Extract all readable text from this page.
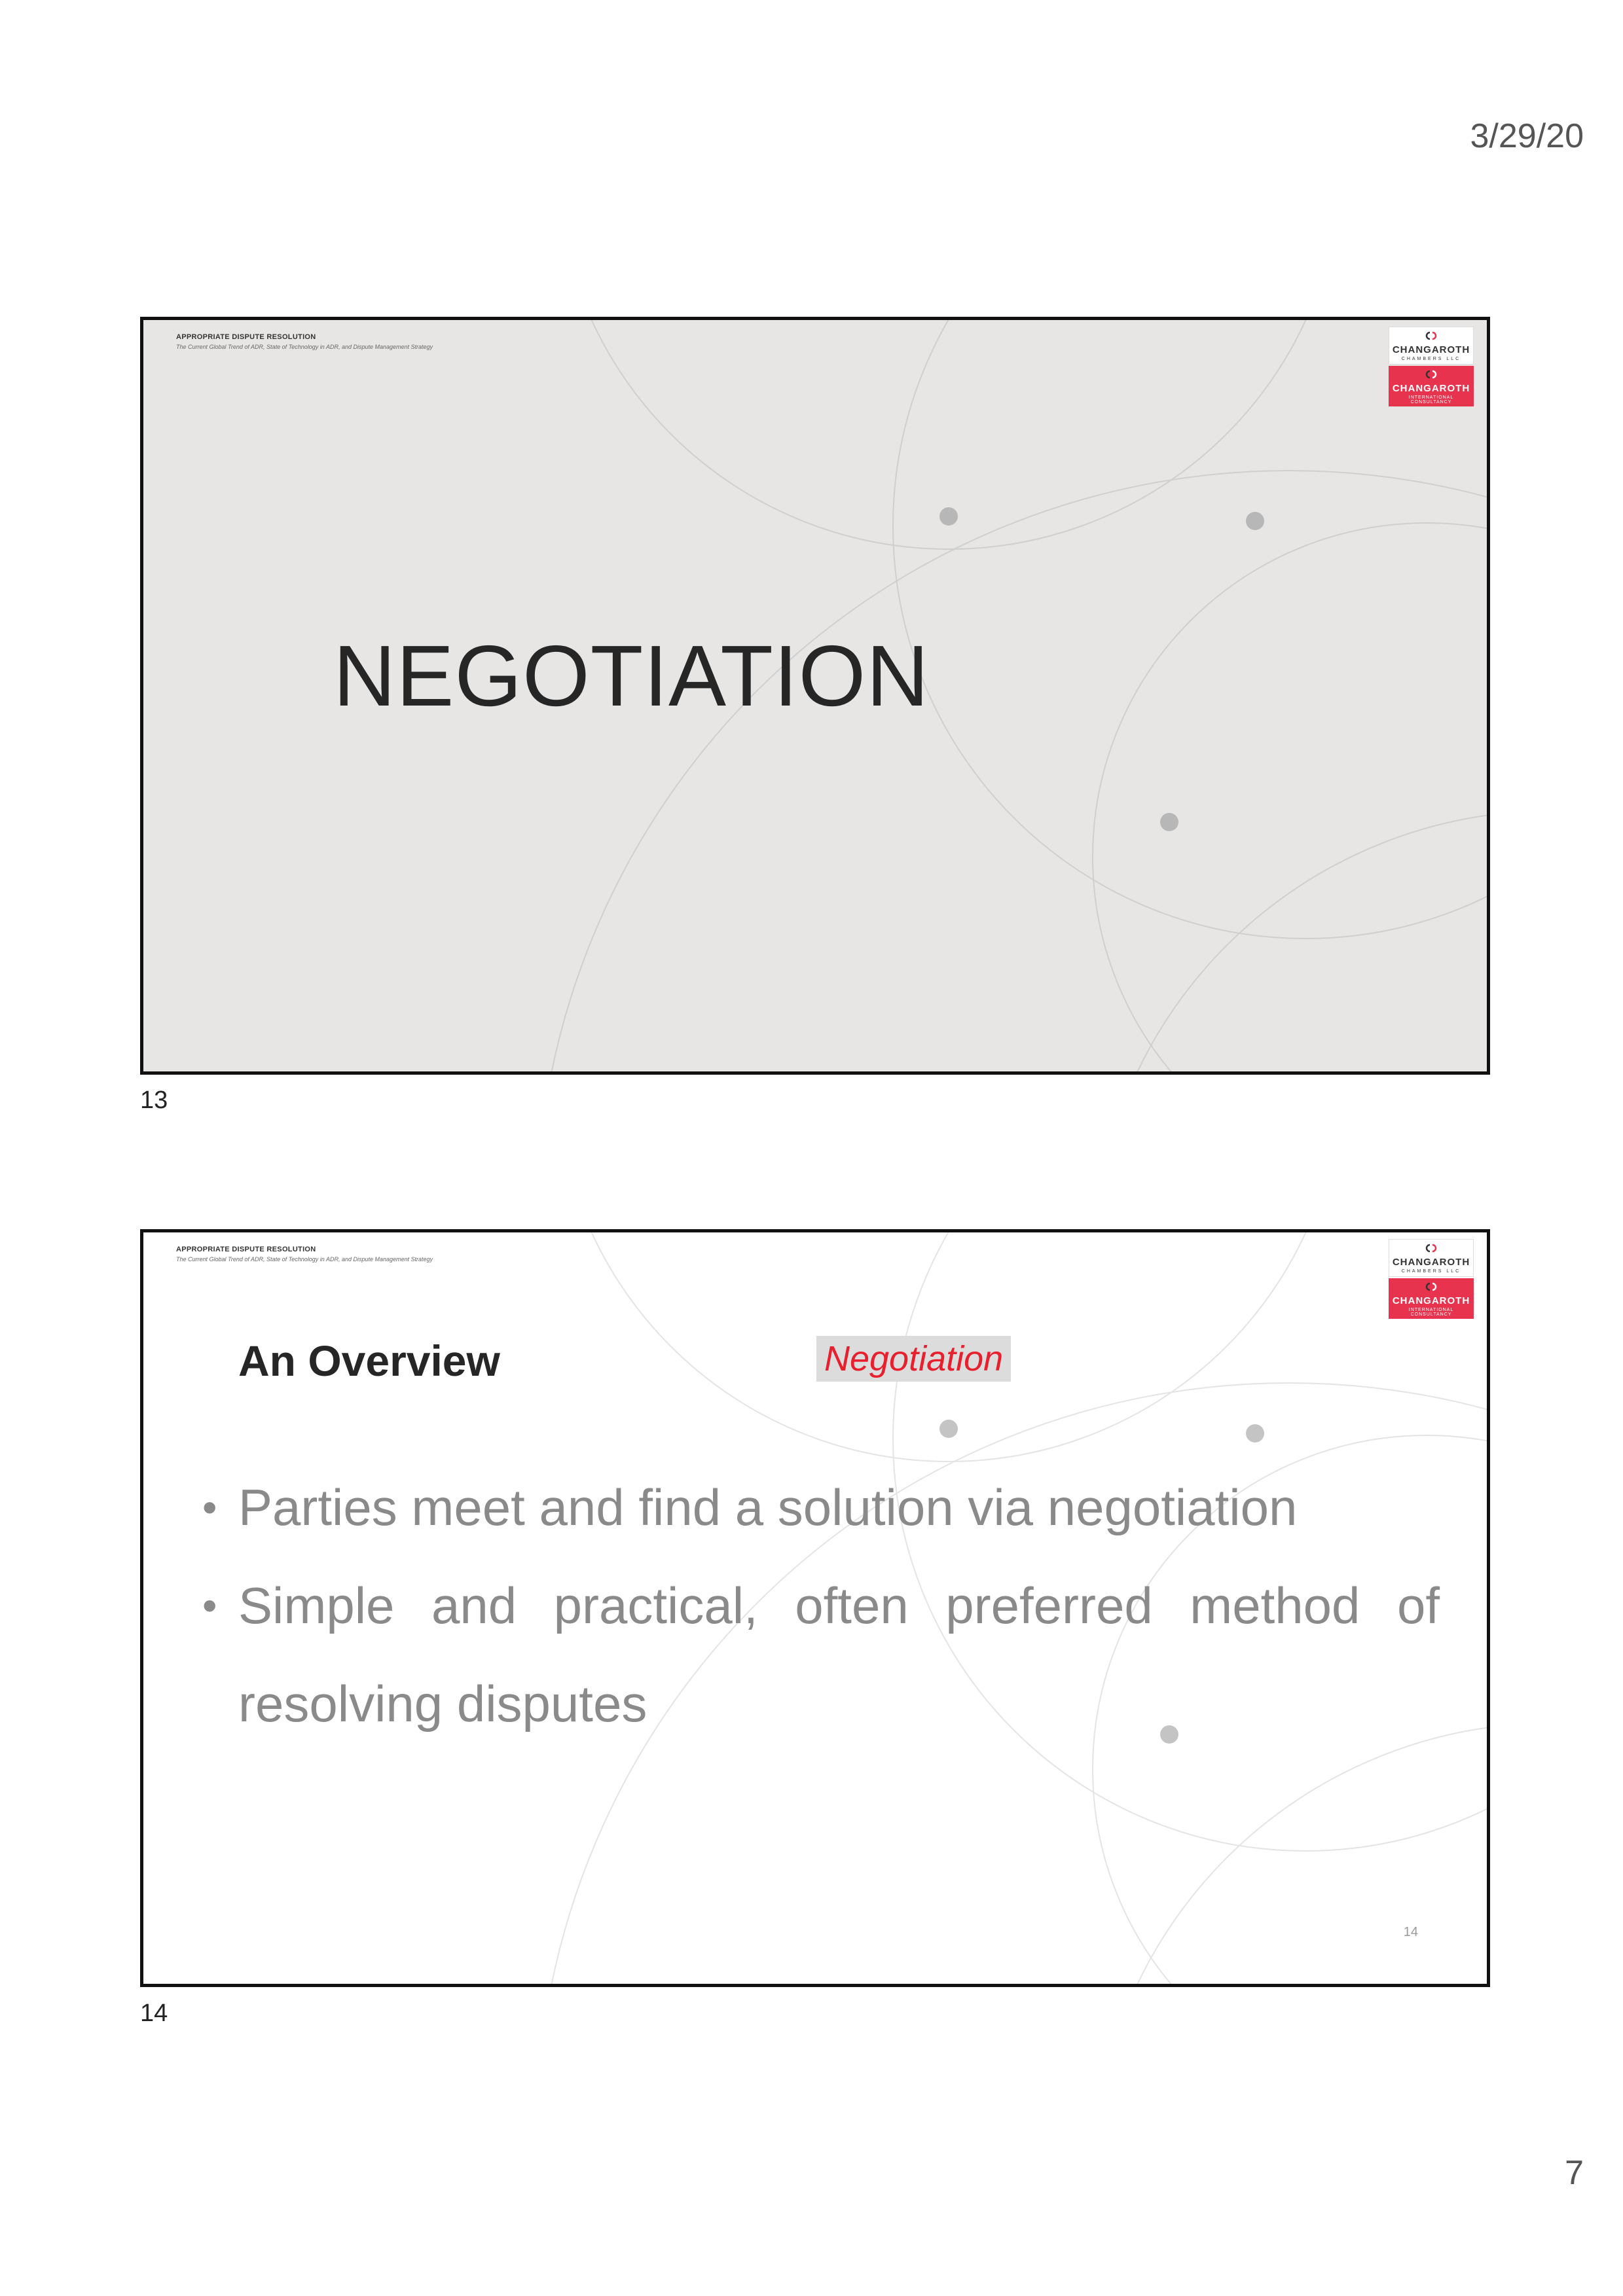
3/29/20
APPROPRIATE DISPUTE RESOLUTION
The Current Global Trend of ADR, State of Technology in ADR, and Dispute Management Strategy	CHANGAROTH
CHAMBERS LLC
CHANGAROTH
INTERNATIONAL CONSULTANCY
NEGOTIATION
13
APPROPRIATE DISPUTE RESOLUTION
The Current Global Trend of ADR, State of Technology in ADR, and Dispute Management Strategy	CHANGAROTH
CHAMBERS LLC
CHANGAROTH
INTERNATIONAL CONSULTANCY
An Overview	Negotiation
• Parties meet and find a solution via negotiation
• Simple and practical, often preferred method of resolving disputes
14
14
7
